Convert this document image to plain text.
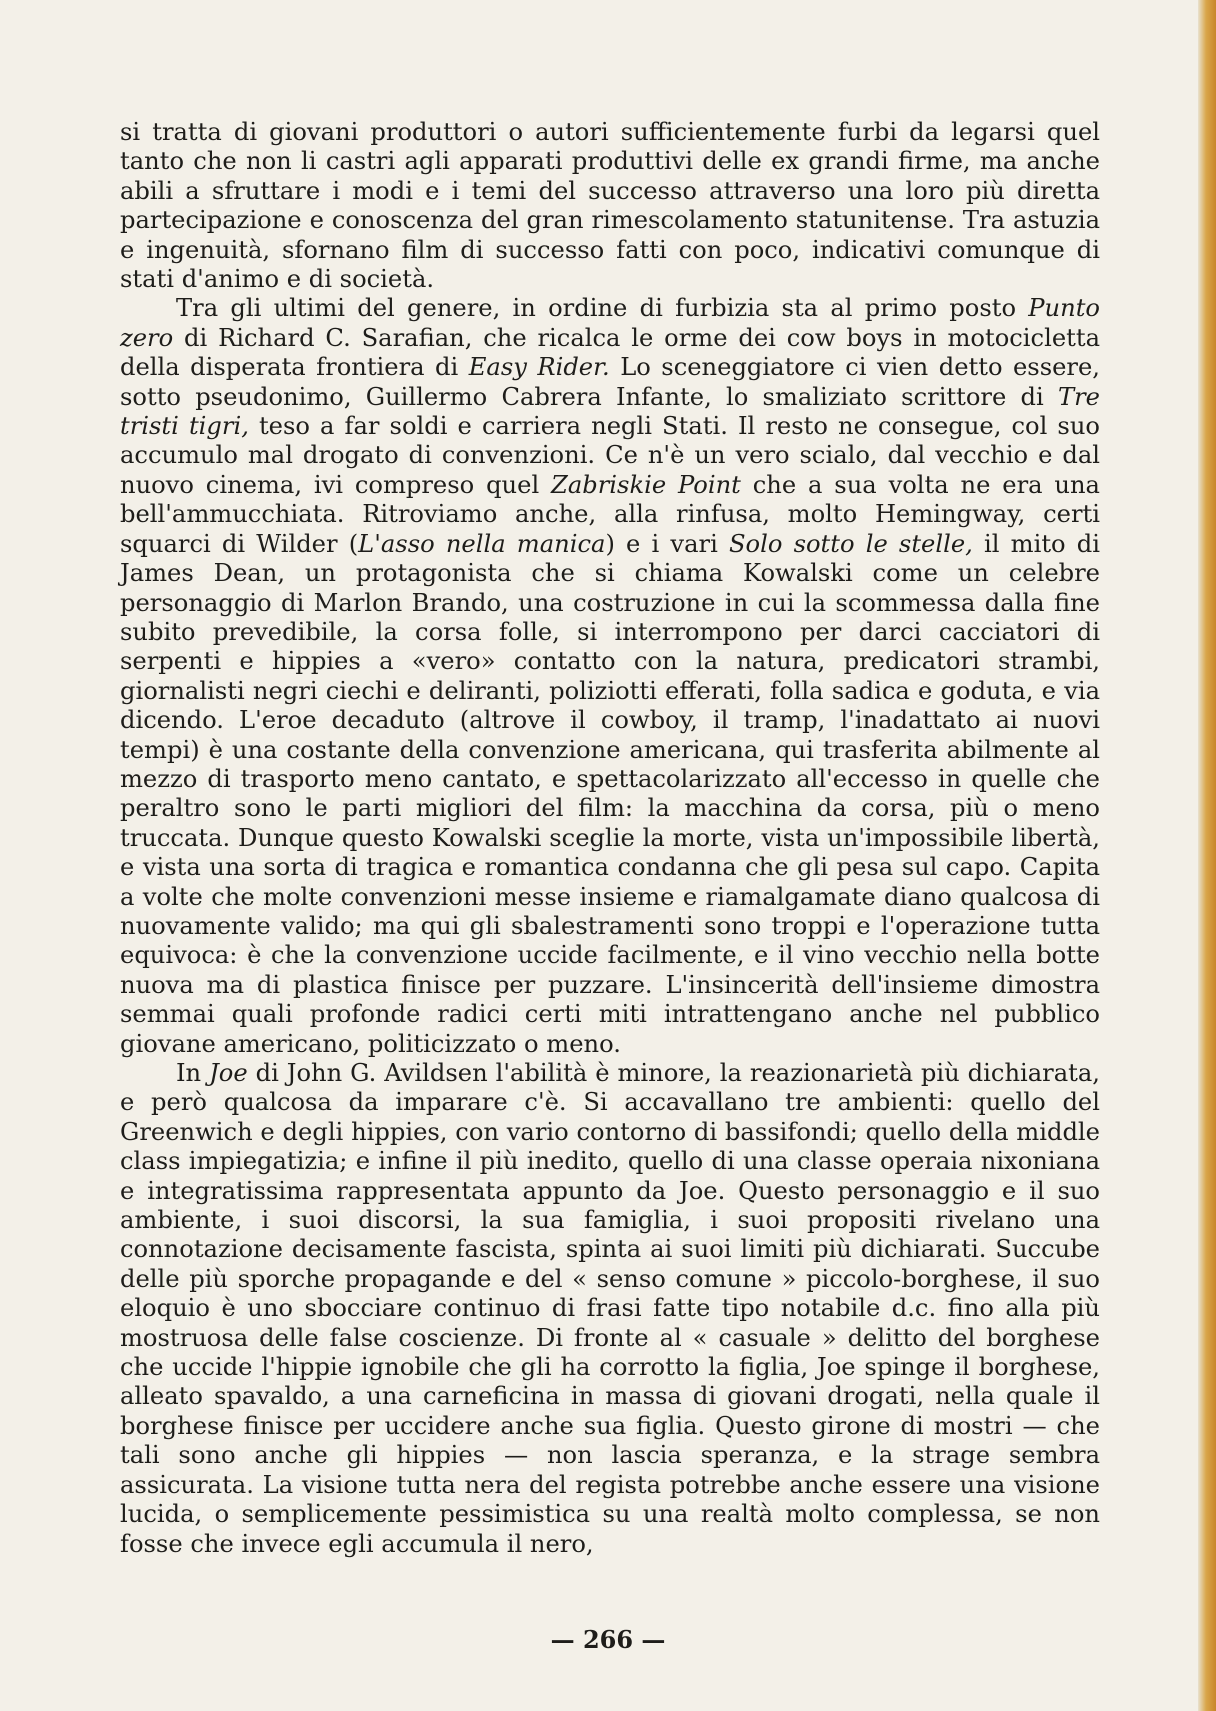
si tratta di giovani produttori o autori sufficientemente furbi da legarsi quel tanto che non li castri agli apparati produttivi delle ex grandi firme, ma anche abili a sfruttare i modi e i temi del successo attraverso una loro più diretta partecipazione e conoscenza del gran rimescolamento statunitense. Tra astuzia e ingenuità, sfornano film di successo fatti con poco, indicativi comunque di stati d'animo e di società.

Tra gli ultimi del genere, in ordine di furbizia sta al primo posto Punto zero di Richard C. Sarafian, che ricalca le orme dei cow boys in motocicletta della disperata frontiera di Easy Rider. Lo sceneggiatore ci vien detto essere, sotto pseudonimo, Guillermo Cabrera Infante, lo smaliziato scrittore di Tre tristi tigri, teso a far soldi e carriera negli Stati. Il resto ne consegue, col suo accumulo mal drogato di convenzioni. Ce n'è un vero scialo, dal vecchio e dal nuovo cinema, ivi compreso quel Zabriskie Point che a sua volta ne era una bell'ammucchiata. Ritroviamo anche, alla rinfusa, molto Hemingway, certi squarci di Wilder (L'asso nella manica) e i vari Solo sotto le stelle, il mito di James Dean, un protagonista che si chiama Kowalski come un celebre personaggio di Marlon Brando, una costruzione in cui la scommessa dalla fine subito prevedibile, la corsa folle, si interrompono per darci cacciatori di serpenti e hippies a «vero» contatto con la natura, predicatori strambi, giornalisti negri ciechi e deliranti, poliziotti efferati, folla sadica e goduta, e via dicendo. L'eroe decaduto (altrove il cowboy, il tramp, l'inadattato ai nuovi tempi) è una costante della convenzione americana, qui trasferita abilmente al mezzo di trasporto meno cantato, e spettacolarizzato all'eccesso in quelle che peraltro sono le parti migliori del film: la macchina da corsa, più o meno truccata. Dunque questo Kowalski sceglie la morte, vista un'impossibile libertà, e vista una sorta di tragica e romantica condanna che gli pesa sul capo. Capita a volte che molte convenzioni messe insieme e riamalgamate diano qualcosa di nuovamente valido; ma qui gli sbalestramenti sono troppi e l'operazione tutta equivoca: è che la convenzione uccide facilmente, e il vino vecchio nella botte nuova ma di plastica finisce per puzzare. L'insincerità dell'insieme dimostra semmai quali profonde radici certi miti intrattengano anche nel pubblico giovane americano, politicizzato o meno.

In Joe di John G. Avildsen l'abilità è minore, la reazionarietà più dichiarata, e però qualcosa da imparare c'è. Si accavallano tre ambienti: quello del Greenwich e degli hippies, con vario contorno di bassifondi; quello della middle class impiegatizia; e infine il più inedito, quello di una classe operaia nixoniana e integratissima rappresentata appunto da Joe. Questo personaggio e il suo ambiente, i suoi discorsi, la sua famiglia, i suoi propositi rivelano una connotazione decisamente fascista, spinta ai suoi limiti più dichiarati. Succube delle più sporche propagande e del « senso comune » piccolo-borghese, il suo eloquio è uno sbocciare continuo di frasi fatte tipo notabile d.c. fino alla più mostruosa delle false coscienze. Di fronte al « casuale » delitto del borghese che uccide l'hippie ignobile che gli ha corrotto la figlia, Joe spinge il borghese, alleato spavaldo, a una carneficina in massa di giovani drogati, nella quale il borghese finisce per uccidere anche sua figlia. Questo girone di mostri — che tali sono anche gli hippies — non lascia speranza, e la strage sembra assicurata. La visione tutta nera del regista potrebbe anche essere una visione lucida, o semplicemente pessimistica su una realtà molto complessa, se non fosse che invece egli accumula il nero,

— 266 —
